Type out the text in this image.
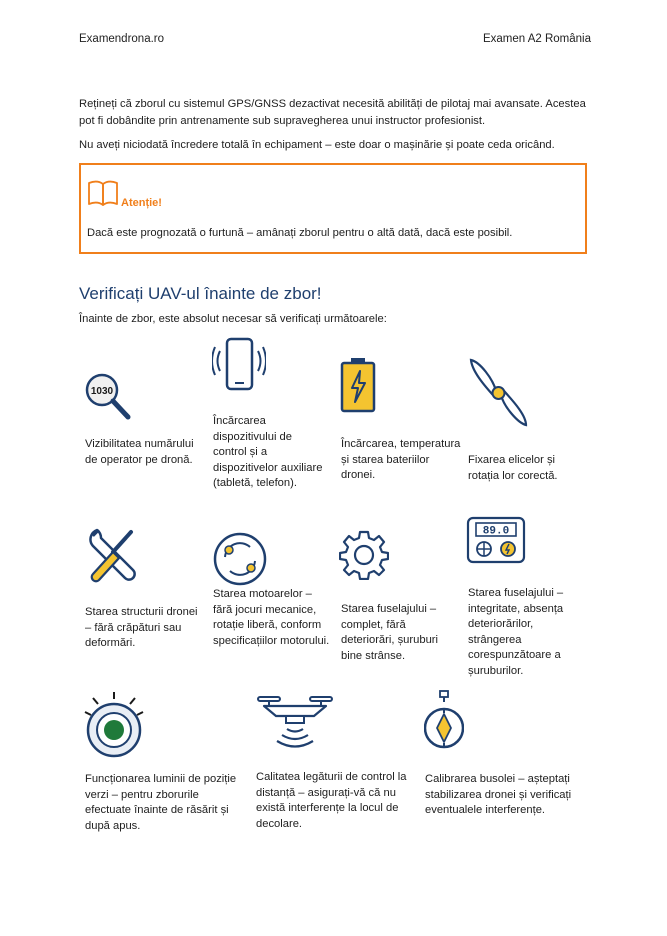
Examendrona.ro	Examen A2 România
Rețineți că zborul cu sistemul GPS/GNSS dezactivat necesită abilități de pilotaj mai avansate. Acestea pot fi dobândite prin antrenamente sub supravegherea unui instructor profesionist.
Nu aveți niciodată încredere totală în echipament – este doar o mașinărie și poate ceda oricând.
Atenție!
Dacă este prognozată o furtună – amânați zborul pentru o altă dată, dacă este posibil.
Verificați UAV-ul înainte de zbor!
Înainte de zbor, este absolut necesar să verificați următoarele:
1030
Vizibilitatea numărului de operator pe dronă.
Încărcarea dispozitivului de control și a dispozitivelor auxiliare (tabletă, telefon).
Încărcarea, temperatura și starea bateriilor dronei.
Fixarea elicelor și rotația lor corectă.
Starea structurii dronei – fără crăpături sau deformări.
Starea motoarelor – fără jocuri mecanice, rotație liberă, conform specificațiilor motorului.
Starea fuselajului – complet, fără deteriorări, șuruburi bine strânse.
89.0
Starea fuselajului – integritate, absența deteriorărilor, strângerea corespunzătoare a șuruburilor.
Funcționarea luminii de poziție verzi – pentru zborurile efectuate înainte de răsărit și după apus.
Calitatea legăturii de control la distanță – asigurați-vă că nu există interferențe la locul de decolare.
Calibrarea busolei – așteptați stabilizarea dronei și verificați eventualele interferențe.
